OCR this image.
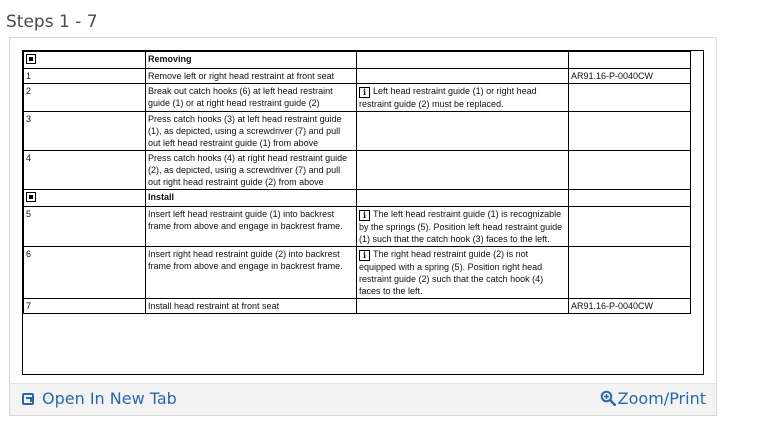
Steps 1 - 7
	Removing		
1	Remove left or right head restraint at front seat		AR91.16-P-0040CW
2	Break out catch hooks (6) at left head restraint guide (1) or at right head restraint guide (2)	i Left head restraint guide (1) or right head restraint guide (2) must be replaced.	
3	Press catch hooks (3) at left head restraint guide (1), as depicted, using a screwdriver (7) and pull out left head restraint guide (1) from above		
4	Press catch hooks (4) at right head restraint guide (2), as depicted, using a screwdriver (7) and pull out right head restraint guide (2) from above		
	Install		
5	Insert left head restraint guide (1) into backrest frame from above and engage in backrest frame.	i The left head restraint guide (1) is recognizable by the springs (5). Position left head restraint guide (1) such that the catch hook (3) faces to the left.	
6	Insert right head restraint guide (2) into backrest frame from above and engage in backrest frame.	i The right head restraint guide (2) is not equipped with a spring (5). Position right head restraint guide (2) such that the catch hook (4) faces to the left.	
7	Install head restraint at front seat		AR91.16-P-0040CW
Open In New Tab	Zoom/Print
